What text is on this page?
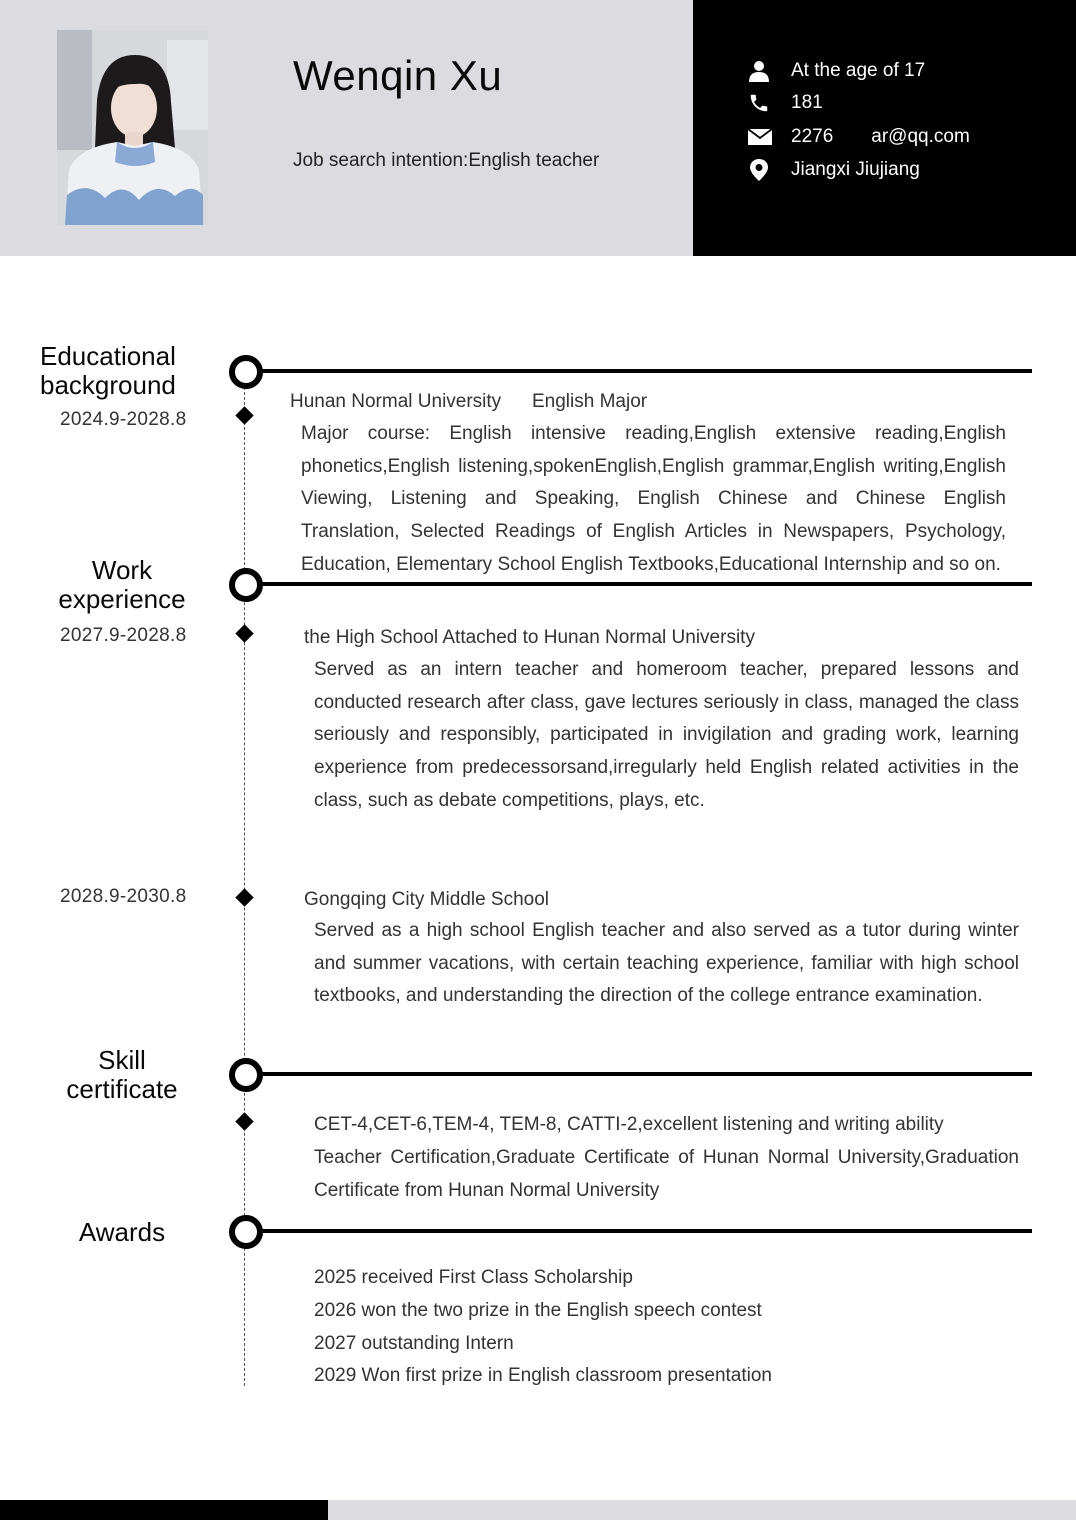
Wenqin Xu
Job search intention:English teacher
At the age of 17
181
2276 ar@qq.com
Jiangxi Jiujiang
Educational
background
2024.9-2028.8
Hunan Normal University English Major
Major course: English intensive reading,English extensive reading,English phonetics,English listening,spokenEnglish,English grammar,English writing,English Viewing, Listening and Speaking, English Chinese and Chinese English Translation, Selected Readings of English Articles in Newspapers, Psychology, Education, Elementary School English Textbooks,Educational Internship and so on.
Work
experience
2027.9-2028.8	the High School Attached to Hunan Normal University
Served as an intern teacher and homeroom teacher, prepared lessons and conducted research after class, gave lectures seriously in class, managed the class seriously and responsibly, participated in invigilation and grading work, learning experience from predecessorsand,irregularly held English related activities in the class, such as debate competitions, plays, etc.
2028.9-2030.8	Gongqing City Middle School
Served as a high school English teacher and also served as a tutor during winter and summer vacations, with certain teaching experience, familiar with high school textbooks, and understanding the direction of the college entrance examination.
Skill
certificate
CET-4,CET-6,TEM-4, TEM-8, CATTI-2,excellent listening and writing ability
Teacher Certification,Graduate Certificate of Hunan Normal University,Graduation Certificate from Hunan Normal University
Awards
2025 received First Class Scholarship
2026 won the two prize in the English speech contest
2027 outstanding Intern
2029 Won first prize in English classroom presentation
